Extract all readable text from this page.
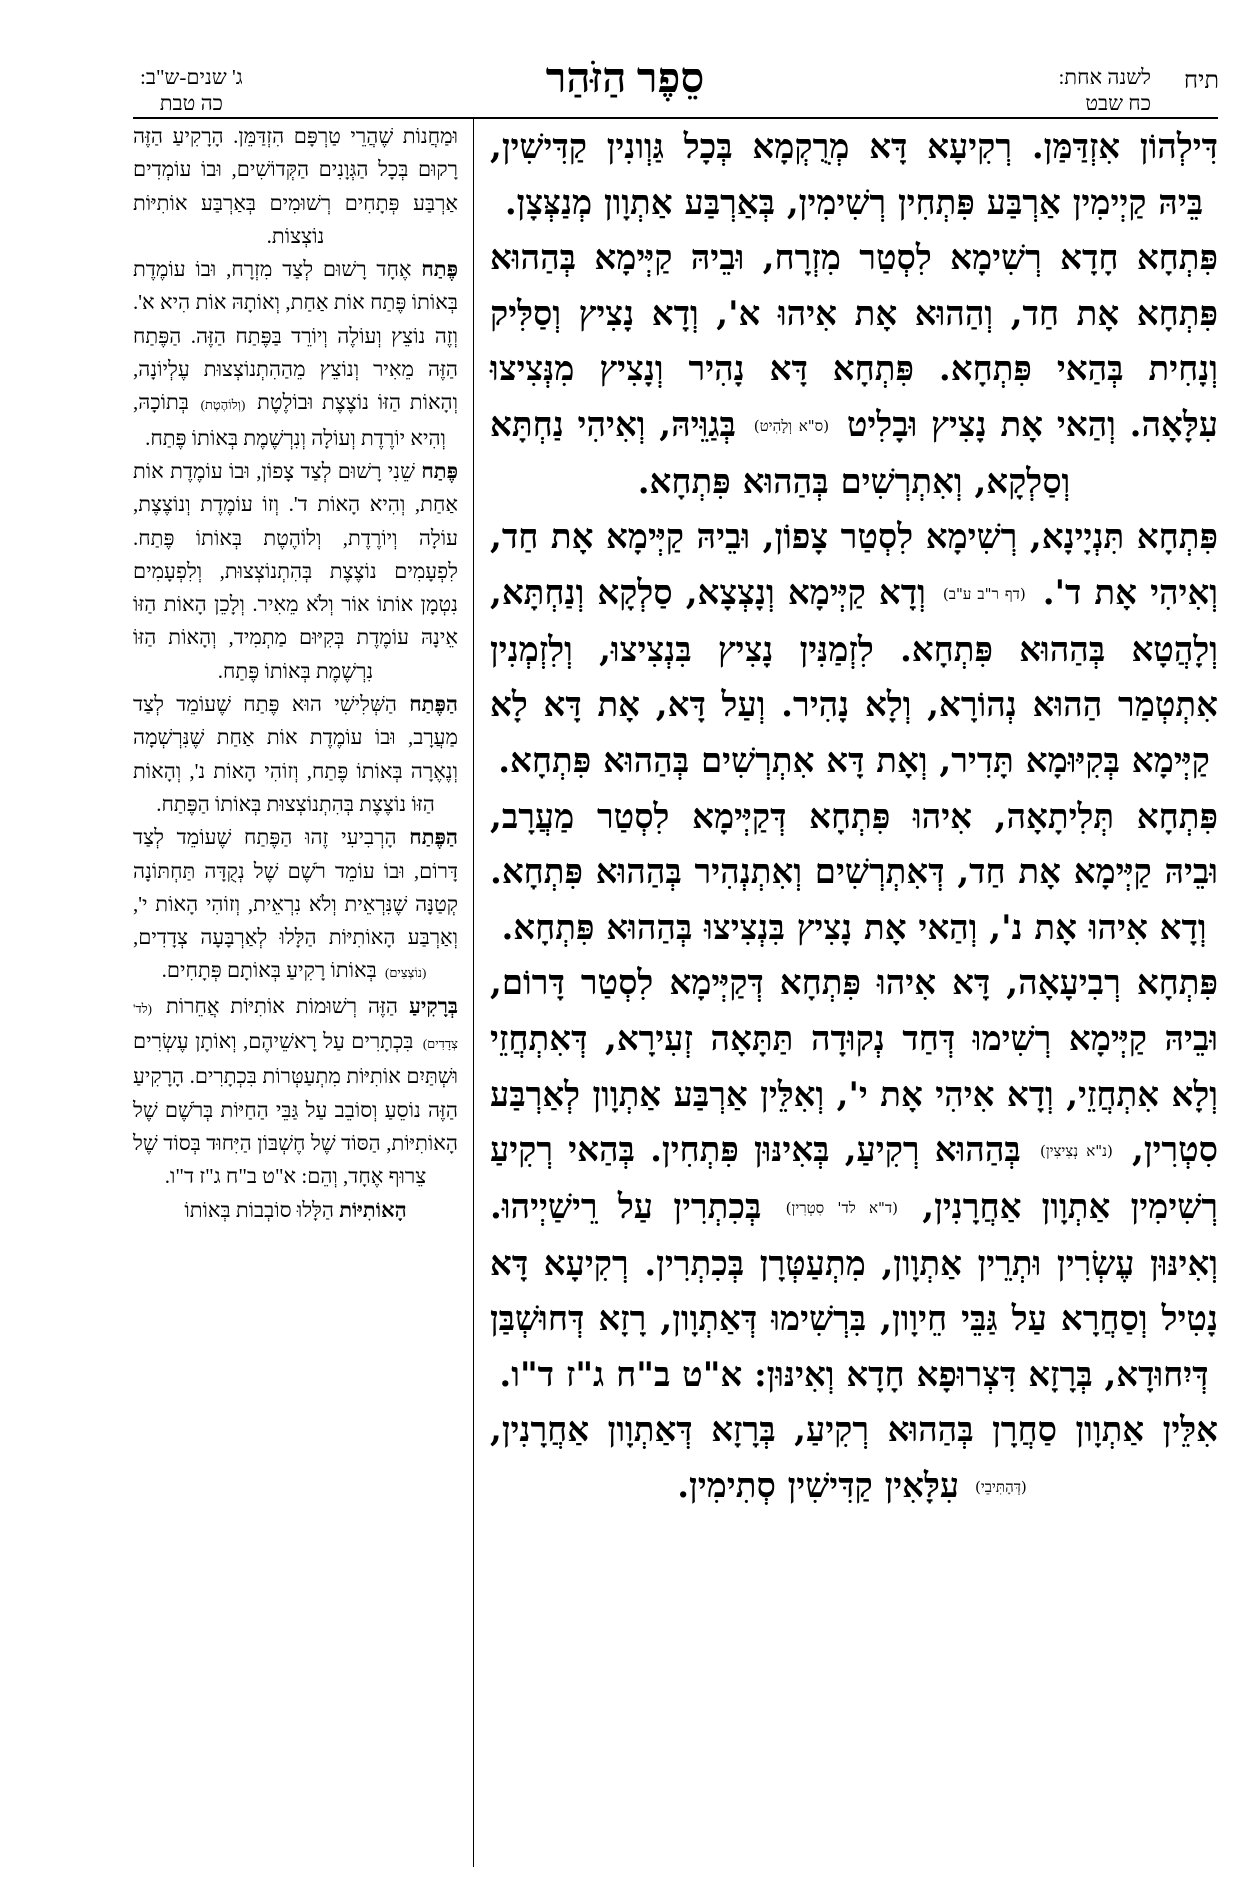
תיח
לשנה אחת:
כח שבט
סֵפֶר הַזֹּהַר
ג' שנים-ש"ב:
כה טבת

דִּילְהוֹן אִזְדַּמַּן. רְקִיעָא דָּא מְרֻקְמָא בְּכָל גַּוְונִין קַדִּישִׁין, בֵּיהּ קַיְימִין אַרְבַּע פִּתְחִין רְשִׁימִין, בְּאַרְבַּע אַתְוָון מְנַצְּצָן.

פִּתְחָא חָדָא רְשִׁימָא לִסְטַר מִזְרָח, וּבֵיהּ קַיְּימָא בְּהַהוּא פִּתְחָא אָת חַד, וְהַהוּא אָת אִיהוּ א', וְדָא נָצִיץ וְסַלִּיק וְנָחִית בְּהַאי פִּתְחָא. פִּתְחָא דָּא נָהִיר וְנָצִיץ מִנְּצִיצוּ עִלָּאָה. וְהַאי אָת נָצִיץ וּבָלִיט (ס"א וְלָהִיט) בְּגַוֵּיהּ, וְאִיהִי נַחְתָּא וְסַלְקָא, וְאִתְרְשִׁים בְּהַהוּא פִּתְחָא.

פִּתְחָא תִּנְיָינָא, רְשִׁימָא לִסְטַר צָפוֹן, וּבֵיהּ קַיְּימָא אָת חַד, וְאִיהִי אָת ד'. (דף ר"ב ע"ב) וְדָא קַיְּימָא וְנָצְצָא, סַלְקָא וְנַחְתָּא, וְלָהֲטָא בְּהַהוּא פִּתְחָא. לִזְמַנִּין נָצִיץ בִּנְצִיצוּ, וְלִזְמְנִין אִתְטְמַר הַהוּא נְהוֹרָא, וְלָא נָהִיר. וְעַל דָּא, אָת דָּא לָא קַיְּימָא בְּקִיּוּמָא תָּדִיר, וְאָת דָּא אִתְרְשִׁים בְּהַהוּא פִּתְחָא.

פִּתְחָא תְּלִיתָאָה, אִיהוּ פִּתְחָא דְּקַיְּימָא לִסְטַר מַעֲרָב, וּבֵיהּ קַיְּימָא אָת חַד, דְּאִתְרְשִׁים וְאִתְנְהִיר בְּהַהוּא פִּתְחָא. וְדָא אִיהוּ אָת נ', וְהַאי אָת נָצִיץ בִּנְצִיצוּ בְּהַהוּא פִּתְחָא.

פִּתְחָא רְבִיעָאָה, דָּא אִיהוּ פִּתְחָא דְּקַיְּימָא לִסְטַר דָּרוֹם, וּבֵיהּ קַיְּימָא רְשִׁימוּ דְּחַד נְקוּדָה תַּתָּאָה זְעִירָא, דְּאִתְחֲזֵי וְלָא אִתְחֲזֵי, וְדָא אִיהִי אָת י', וְאִלֵּין אַרְבַּע אַתְוָון לְאַרְבַּע סִטְרִין, (נ"א נְצִיצִין) בְּהַהוּא רְקִיעַ, בְּאִינּוּן פִּתְחִין. בְּהַאי רְקִיעַ רְשִׁימִין אַתְוָון אַחֲרָנִין, (ד"א לד' סִטְרִין) בְּכִתְרִין עַל רֵישַׁיְיהוּ. וְאִינּוּן עֶשְׂרִין וּתְרֵין אַתְוָון, מִתְעַטְּרָן בְּכִתְרִין. רְקִיעָא דָּא נָטִיל וְסַחֲרָא עַל גַּבֵּי חֵיוָון, בִּרְשִׁימוּ דְּאַתְוָון, רָזָא דְּחוּשְׁבַּן דְּיִחוּדָא, בְּרָזָא דִּצְרוּפָא חָדָא וְאִינּוּן: א"ט ב"ח ג"ז ד"ו.

אִלֵּין אַתְוָון סַחֲרָן בְּהַהוּא רְקִיעַ, בְּרָזָא דְּאַתְוָון אַחֲרָנִין, (דְּהָתִּיבֵי) עִלָּאִין קַדִּישִׁין סְתִימִין.

וּמַחֲנוֹת שֶׁהֲרֵי טַרְפָּם הִזְדַּמֵּן. הָרָקִיעַ הַזֶּה רָקוּם בְּכָל הַגְּוָנִים הַקְּדוֹשִׁים, וּבוֹ עוֹמְדִים אַרְבַּע פְּתָחִים רְשׁוּמִים בְּאַרְבַּע אוֹתִיּוֹת נוֹצְצוֹת.

פֶּתַח אֶחָד רָשׁוּם לְצַד מִזְרָח, וּבוֹ עוֹמֶדֶת בְּאוֹתוֹ פֶּתַח אוֹת אַחַת, וְאוֹתָהּ אוֹת הִיא א'. וְזֶה נוֹצֵץ וְעוֹלֶה וְיוֹרֵד בַּפֶּתַח הַזֶּה. הַפֶּתַח הַזֶּה מֵאִיר וְנוֹצֵץ מֵהַהִתְנוֹצְצוּת עֶלְיוֹנָה, וְהָאוֹת הַזּוֹ נוֹצֶצֶת וּבוֹלֶטֶת (וְלוֹהֶטֶת) בְּתוֹכָהּ, וְהִיא יוֹרֶדֶת וְעוֹלָה וְנִרְשֶׁמֶת בְּאוֹתוֹ פֶּתַח.

פֶּתַח שֵׁנִי רָשׁוּם לְצַד צָפוֹן, וּבוֹ עוֹמֶדֶת אוֹת אַחַת, וְהִיא הָאוֹת ד'. וְזוֹ עוֹמֶדֶת וְנוֹצֶצֶת, עוֹלָה וְיוֹרֶדֶת, וְלוֹהֶטֶת בְּאוֹתוֹ פֶּתַח. לִפְעָמִים נוֹצֶצֶת בְּהִתְנוֹצְצוּת, וְלִפְעָמִים נִטְמָן אוֹתוֹ אוֹר וְלֹא מֵאִיר. וְלָכֵן הָאוֹת הַזּוֹ אֵינָהּ עוֹמֶדֶת בְּקִיּוּם מַתְמִיד, וְהָאוֹת הַזּוֹ נִרְשֶׁמֶת בְּאוֹתוֹ פֶּתַח.

הַפֶּתַח הַשְּׁלִישִׁי הוּא פֶּתַח שֶׁעוֹמֵד לְצַד מַעֲרָב, וּבוֹ עוֹמֶדֶת אוֹת אַחַת שֶׁנִּרְשְׁמָה וְנֶאֶרָה בְּאוֹתוֹ פֶּתַח, וְזוֹהִי הָאוֹת נ', וְהָאוֹת הַזּוֹ נוֹצֶצֶת בְּהִתְנוֹצְצוּת בְּאוֹתוֹ הַפֶּתַח.

הַפֶּתַח הָרְבִיעִי זֶהוּ הַפֶּתַח שֶׁעוֹמֵד לְצַד דָּרוֹם, וּבוֹ עוֹמֵד רֹשֶׁם שֶׁל נְקֻדָּה תַּחְתּוֹנָה קְטַנָּה שֶׁנִּרְאֵית וְלֹא נִרְאֵית, וְזוֹהִי הָאוֹת י', וְאַרְבַּע הָאוֹתִיּוֹת הַלָּלוּ לְאַרְבָּעָה צְדָדִים, (נוֹצְצִים) בְּאוֹתוֹ רָקִיעַ בְּאוֹתָם פְּתָחִים.

בְּרָקִיעַ הַזֶּה רְשׁוּמוֹת אוֹתִיּוֹת אֲחֵרוֹת (לד' צְדָדִים) בִּכְתָרִים עַל רָאשֵׁיהֶם, וְאוֹתָן עֶשְׂרִים וּשְׁתַּיִם אוֹתִיּוֹת מִתְעַטְּרוֹת בִּכְתָרִים. הָרָקִיעַ הַזֶּה נוֹסֵעַ וְסוֹבֵב עַל גַּבֵּי הַחַיּוֹת בְּרֹשֶׁם שֶׁל הָאוֹתִיּוֹת, הַסּוֹד שֶׁל חֶשְׁבּוֹן הַיִּחוּד בְּסוֹד שֶׁל צֵרוּף אֶחָד, וְהֵם: א"ט ב"ח ג"ז ד"ו.

הָאוֹתִיּוֹת הַלָּלוּ סוֹבְבוֹת בְּאוֹתוֹ
